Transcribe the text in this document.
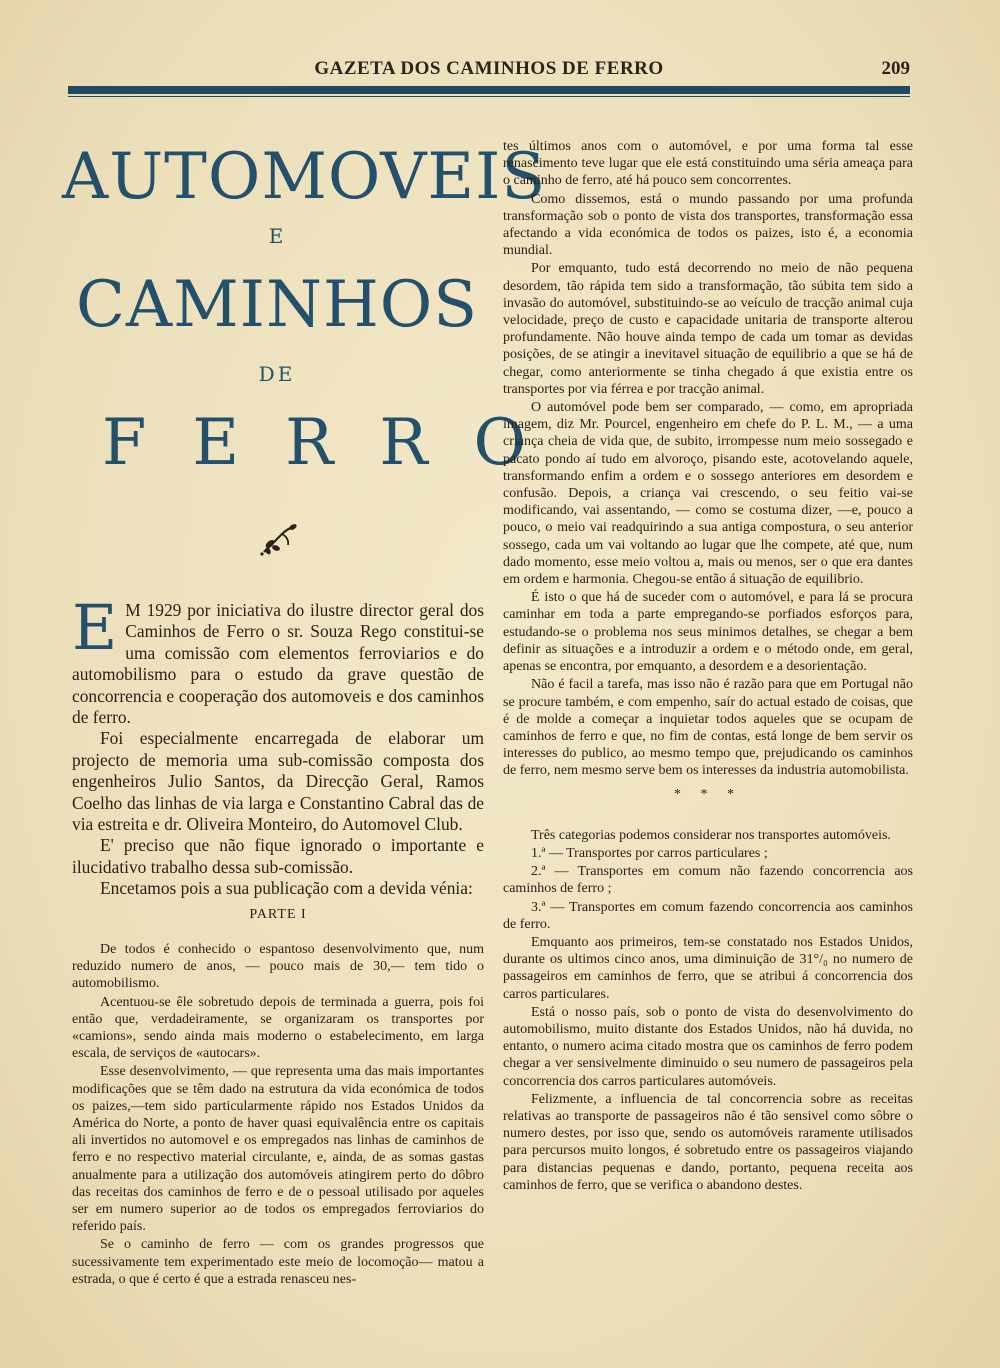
GAZETA DOS CAMINHOS DE FERRO	209
AUTOMOVEIS
E
CAMINHOS
DE
FERRO

E M 1929 por iniciativa do ilustre director geral dos Caminhos de Ferro o sr. Souza Rego constitui-se uma comissão com elementos ferroviarios e do automobilismo para o estudo da grave questão de concorrencia e cooperação dos automoveis e dos caminhos de ferro.

Foi especialmente encarregada de elaborar um projecto de memoria uma sub-comissão composta dos engenheiros Julio Santos, da Direcção Geral, Ramos Coelho das linhas de via larga e Constantino Cabral das de via estreita e dr. Oliveira Monteiro, do Automovel Club.

E' preciso que não fique ignorado o importante e ilucidativo trabalho dessa sub-comissão.

Encetamos pois a sua publicação com a devida vénia:

PARTE I

De todos é conhecido o espantoso desenvolvimento que, num reduzido numero de anos, — pouco mais de 30,— tem tido o automobilismo.

Acentuou-se êle sobretudo depois de terminada a guerra, pois foi então que, verdadeiramente, se organizaram os transportes por «camions», sendo ainda mais moderno o estabelecimento, em larga escala, de serviços de «autocars».

Esse desenvolvimento, — que representa uma das mais importantes modificações que se têm dado na estrutura da vida económica de todos os paizes,—tem sido particularmente rápido nos Estados Unidos da América do Norte, a ponto de haver quasi equivalência entre os capitais ali invertidos no automovel e os empregados nas linhas de caminhos de ferro e no respectivo material circulante, e, ainda, de as somas gastas anualmente para a utilização dos automóveis atingirem perto do dôbro das receitas dos caminhos de ferro e de o pessoal utilisado por aqueles ser em numero superior ao de todos os empregados ferroviarios do referido país.

Se o caminho de ferro — com os grandes progressos que sucessivamente tem experimentado este meio de locomoção— matou a estrada, o que é certo é que a estrada renasceu nes-

tes últimos anos com o automóvel, e por uma forma tal esse renascimento teve lugar que ele está constituindo uma séria ameaça para o caminho de ferro, até há pouco sem concorrentes.

Como dissemos, está o mundo passando por uma profunda transformação sob o ponto de vista dos transportes, transformação essa afectando a vida económica de todos os paizes, isto é, a economia mundial.

Por emquanto, tudo está decorrendo no meio de não pequena desordem, tão rápida tem sido a transformação, tão súbita tem sido a invasão do automóvel, substituindo-se ao veículo de tracção animal cuja velocidade, preço de custo e capacidade unitaria de transporte alterou profundamente. Não houve ainda tempo de cada um tomar as devidas posições, de se atingir a inevitavel situação de equilibrio a que se há de chegar, como anteriormente se tinha chegado á que existia entre os transportes por via férrea e por tracção animal.

O automóvel pode bem ser comparado, — como, em apropriada imagem, diz Mr. Pourcel, engenheiro em chefe do P. L. M., — a uma criança cheia de vida que, de subito, irrompesse num meio sossegado e pacato pondo aí tudo em alvoroço, pisando este, acotovelando aquele, transformando enfim a ordem e o sossego anteriores em desordem e confusão. Depois, a criança vai crescendo, o seu feitio vai-se modificando, vai assentando, — como se costuma dizer, —e, pouco a pouco, o meio vai readquirindo a sua antiga compostura, o seu anterior sossego, cada um vai voltando ao lugar que lhe compete, até que, num dado momento, esse meio voltou a, mais ou menos, ser o que era dantes em ordem e harmonia. Chegou-se então á situação de equilibrio.

É isto o que há de suceder com o automóvel, e para lá se procura caminhar em toda a parte empregando-se porfiados esforços para, estudando-se o problema nos seus minimos detalhes, se chegar a bem definir as situações e a introduzir a ordem e o método onde, em geral, apenas se encontra, por emquanto, a desordem e a desorientação.

Não é facil a tarefa, mas isso não é razão para que em Portugal não se procure também, e com empenho, saír do actual estado de coisas, que é de molde a começar a inquietar todos aqueles que se ocupam de caminhos de ferro e que, no fim de contas, está longe de bem servir os interesses do publico, ao mesmo tempo que, prejudicando os caminhos de ferro, nem mesmo serve bem os interesses da industria automobilista.

* * *

Três categorias podemos considerar nos transportes automóveis.

1.ª — Transportes por carros particulares ;

2.ª — Transportes em comum não fazendo concorrencia aos caminhos de ferro ;

3.ª — Transportes em comum fazendo concorrencia aos caminhos de ferro.

Emquanto aos primeiros, tem-se constatado nos Estados Unidos, durante os ultimos cinco anos, uma diminuição de 31°/₀ no numero de passageiros em caminhos de ferro, que se atribui á concorrencia dos carros particulares.

Está o nosso país, sob o ponto de vista do desenvolvimento do automobilismo, muito distante dos Estados Unidos, não há duvida, no entanto, o numero acima citado mostra que os caminhos de ferro podem chegar a ver sensivelmente diminuido o seu numero de passageiros pela concorrencia dos carros particulares automóveis.

Felizmente, a influencia de tal concorrencia sobre as receitas relativas ao transporte de passageiros não é tão sensivel como sôbre o numero destes, por isso que, sendo os automóveis raramente utilisados para percursos muito longos, é sobretudo entre os passageiros viajando para distancias pequenas e dando, portanto, pequena receita aos caminhos de ferro, que se verifica o abandono destes.
